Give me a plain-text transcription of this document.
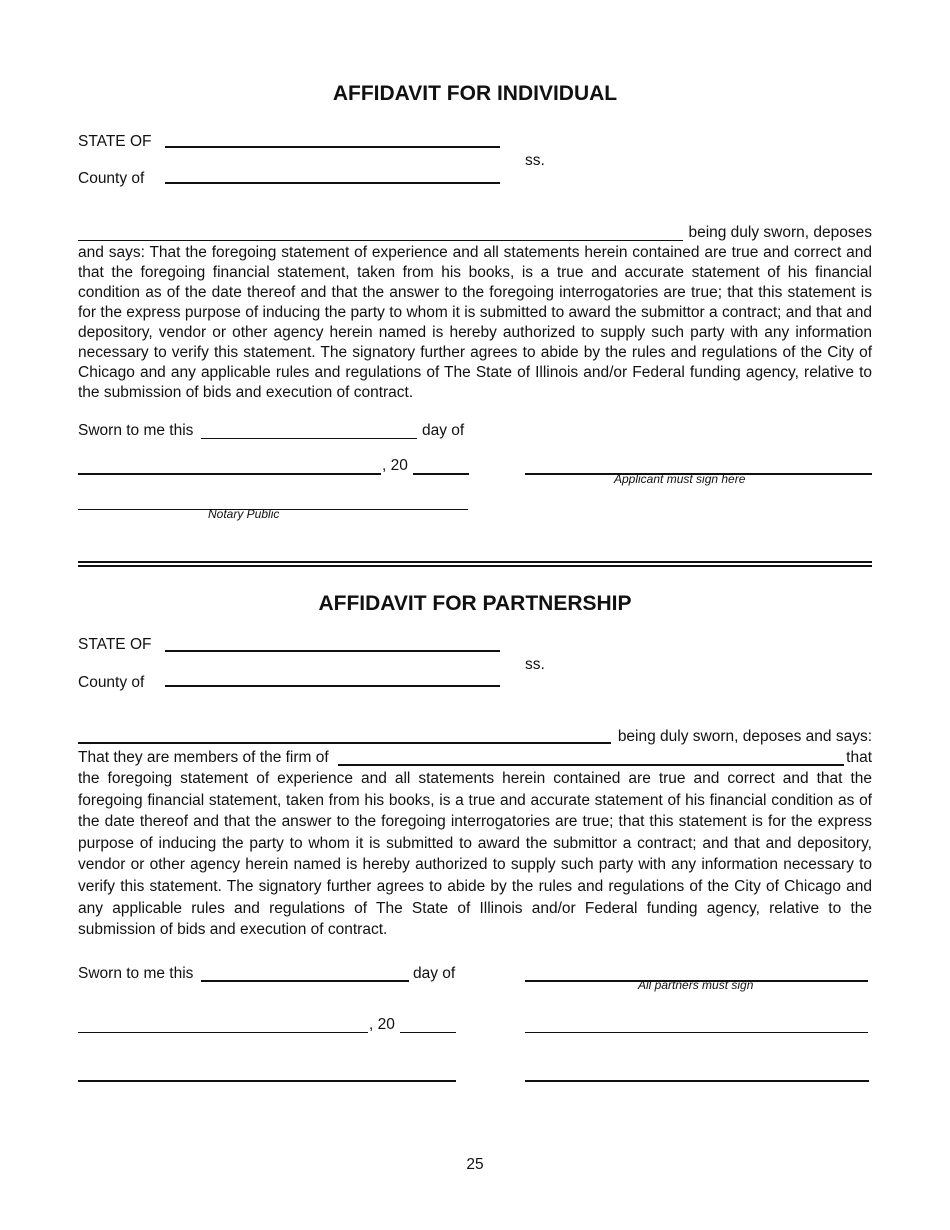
AFFIDAVIT FOR INDIVIDUAL
STATE OF
ss.
County of
being duly sworn, deposes
and says: That the foregoing statement of experience and all statements herein contained are true and correct and that the foregoing financial statement, taken from his books, is a true and accurate statement of his financial condition as of the date thereof and that the answer to the foregoing interrogatories are true; that this statement is for the express purpose of inducing the party to whom it is submitted to award the submittor a contract; and that and depository, vendor or other agency herein named is hereby authorized to supply such party with any information necessary to verify this statement. The signatory further agrees to abide by the rules and regulations of the City of Chicago and any applicable rules and regulations of The State of Illinois and/or Federal funding agency, relative to the submission of bids and execution of contract.
Sworn to me this	day of
, 20
Applicant must sign here
Notary Public
AFFIDAVIT FOR PARTNERSHIP
STATE OF
ss.
County of
being duly sworn, deposes and says:
That they are members of the firm of	that
the foregoing statement of experience and all statements herein contained are true and correct and that the foregoing financial statement, taken from his books, is a true and accurate statement of his financial condition as of the date thereof and that the answer to the foregoing interrogatories are true; that this statement is for the express purpose of inducing the party to whom it is submitted to award the submittor a contract; and that and depository, vendor or other agency herein named is hereby authorized to supply such party with any information necessary to verify this statement. The signatory further agrees to abide by the rules and regulations of the City of Chicago and any applicable rules and regulations of The State of Illinois and/or Federal funding agency, relative to the submission of bids and execution of contract.
Sworn to me this	day of
All partners must sign
, 20
25
